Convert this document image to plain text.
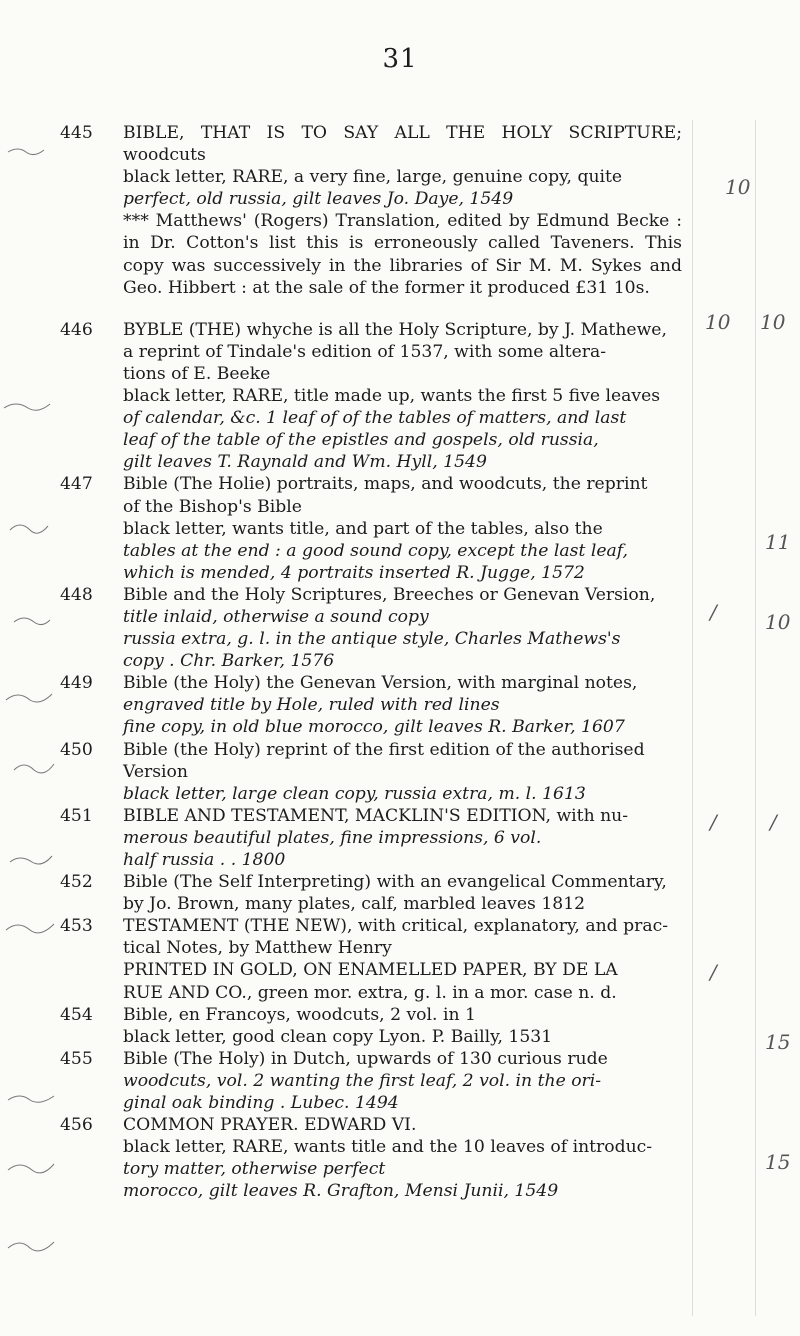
31
445	BIBLE, THAT IS TO SAY ALL THE HOLY SCRIPTURE; woodcuts

black letter, RARE, a very fine, large, genuine copy, quite

perfect, old russia, gilt leaves Jo. Daye, 1549

*** Matthews' (Rogers) Translation, edited by Edmund Becke : in Dr. Cotton's list this is erroneously called Taveners. This copy was successively in the libraries of Sir M. M. Sykes and Geo. Hibbert : at the sale of the former it produced £31 10s.

446	BYBLE (THE) whyche is all the Holy Scripture, by J. Mathewe,

a reprint of Tindale's edition of 1537, with some altera-

tions of E. Beeke

black letter, RARE, title made up, wants the first 5 five leaves

of calendar, &c. 1 leaf of of the tables of matters, and last

leaf of the table of the epistles and gospels, old russia,

gilt leaves T. Raynald and Wm. Hyll, 1549

447	Bible (The Holie) portraits, maps, and woodcuts, the reprint

of the Bishop's Bible

black letter, wants title, and part of the tables, also the

tables at the end : a good sound copy, except the last leaf,

which is mended, 4 portraits inserted R. Jugge, 1572

448	Bible and the Holy Scriptures, Breeches or Genevan Version,

title inlaid, otherwise a sound copy

russia extra, g. l. in the antique style, Charles Mathews's

copy . Chr. Barker, 1576

449	Bible (the Holy) the Genevan Version, with marginal notes,

engraved title by Hole, ruled with red lines

fine copy, in old blue morocco, gilt leaves R. Barker, 1607

450	Bible (the Holy) reprint of the first edition of the authorised

Version

black letter, large clean copy, russia extra, m. l. 1613

451	BIBLE AND TESTAMENT, MACKLIN'S EDITION, with nu-

merous beautiful plates, fine impressions, 6 vol.

half russia . . 1800

452	Bible (The Self Interpreting) with an evangelical Commentary,

by Jo. Brown, many plates, calf, marbled leaves 1812

453	TESTAMENT (THE NEW), with critical, explanatory, and prac-

tical Notes, by Matthew Henry

PRINTED IN GOLD, ON ENAMELLED PAPER, BY DE LA

RUE AND CO., green mor. extra, g. l. in a mor. case n. d.

454	Bible, en Francoys, woodcuts, 2 vol. in 1

black letter, good clean copy Lyon. P. Bailly, 1531

455	Bible (The Holy) in Dutch, upwards of 130 curious rude

woodcuts, vol. 2 wanting the first leaf, 2 vol. in the ori-

ginal oak binding . Lubec. 1494

456	COMMON PRAYER. EDWARD VI.

black letter, RARE, wants title and the 10 leaves of introduc-

tory matter, otherwise perfect

morocco, gilt leaves R. Grafton, Mensi Junii, 1549

10
10 10
11
10
/
/	/
/
15
15
